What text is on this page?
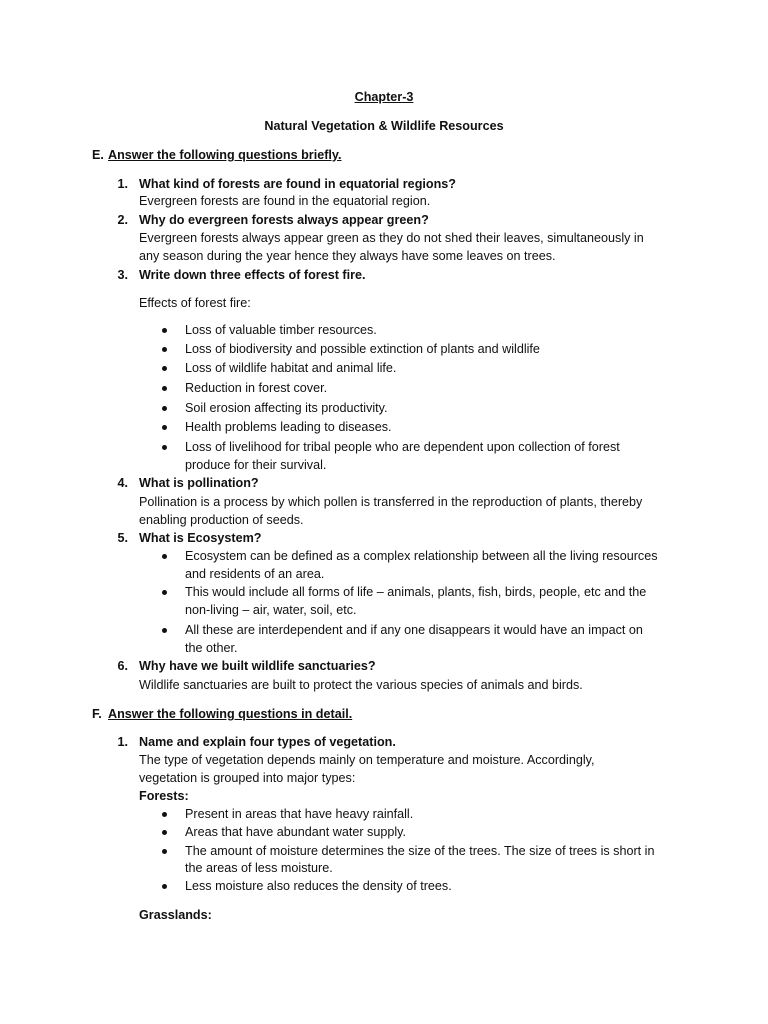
Chapter-3
Natural Vegetation & Wildlife Resources
E. Answer the following questions briefly.
1. What kind of forests are found in equatorial regions?
Evergreen forests are found in the equatorial region.
2. Why do evergreen forests always appear green?
Evergreen forests always appear green as they do not shed their leaves, simultaneously in
any season during the year hence they always have some leaves on trees.
3. Write down three effects of forest fire.
Effects of forest fire:
Loss of valuable timber resources.
Loss of biodiversity and possible extinction of plants and wildlife
Loss of wildlife habitat and animal life.
Reduction in forest cover.
Soil erosion affecting its productivity.
Health problems leading to diseases.
Loss of livelihood for tribal people who are dependent upon collection of forest
produce for their survival.
4. What is pollination?
Pollination is a process by which pollen is transferred in the reproduction of plants, thereby
enabling production of seeds.
5. What is Ecosystem?
Ecosystem can be defined as a complex relationship between all the living resources
and residents of an area.
This would include all forms of life – animals, plants, fish, birds, people, etc and the
non-living – air, water, soil, etc.
All these are interdependent and if any one disappears it would have an impact on
the other.
6. Why have we built wildlife sanctuaries?
Wildlife sanctuaries are built to protect the various species of animals and birds.
F. Answer the following questions in detail.
1. Name and explain four types of vegetation.
The type of vegetation depends mainly on temperature and moisture. Accordingly,
vegetation is grouped into major types:
Forests:
Present in areas that have heavy rainfall.
Areas that have abundant water supply.
The amount of moisture determines the size of the trees. The size of trees is short in
the areas of less moisture.
Less moisture also reduces the density of trees.
Grasslands:
